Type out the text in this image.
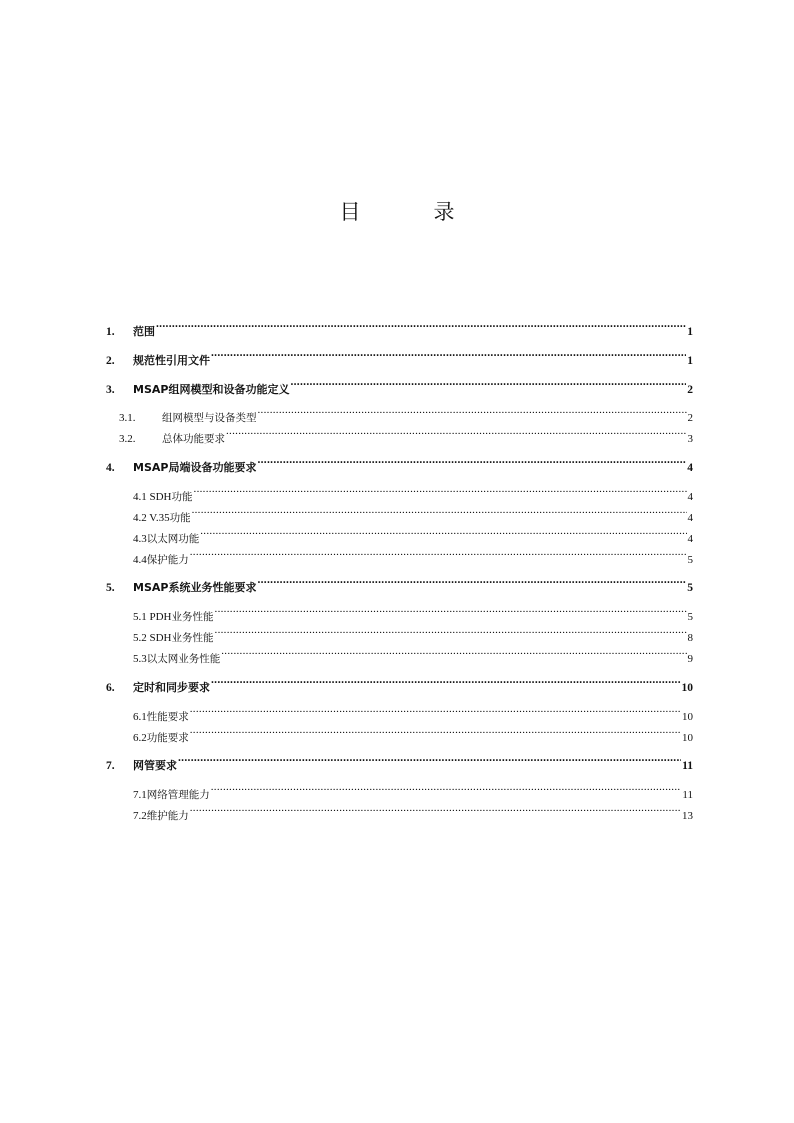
目　录
1.	范围 .....	1
2.	规范性引用文件 .....	1
3.	MSAP组网模型和设备功能定义 .....	2
3.1.	组网模型与设备类型 .....	2
3.2.	总体功能要求 .....	3
4.	MSAP局端设备功能要求 .....	4
4.1 SDH 功能 .....	4
4.2 V.35 功能 .....	4
4.3 以太网功能 .....	4
4.4 保护能力 .....	5
5.	MSAP系统业务性能要求 .....	5
5.1 PDH 业务性能 .....	5
5.2 SDH 业务性能 .....	8
5.3 以太网业务性能 .....	9
6.	定时和同步要求 .....	10
6.1 性能要求 .....	10
6.2 功能要求 .....	10
7.	网管要求 .....	11
7.1 网络管理能力 .....	11
7.2 维护能力 .....	13
